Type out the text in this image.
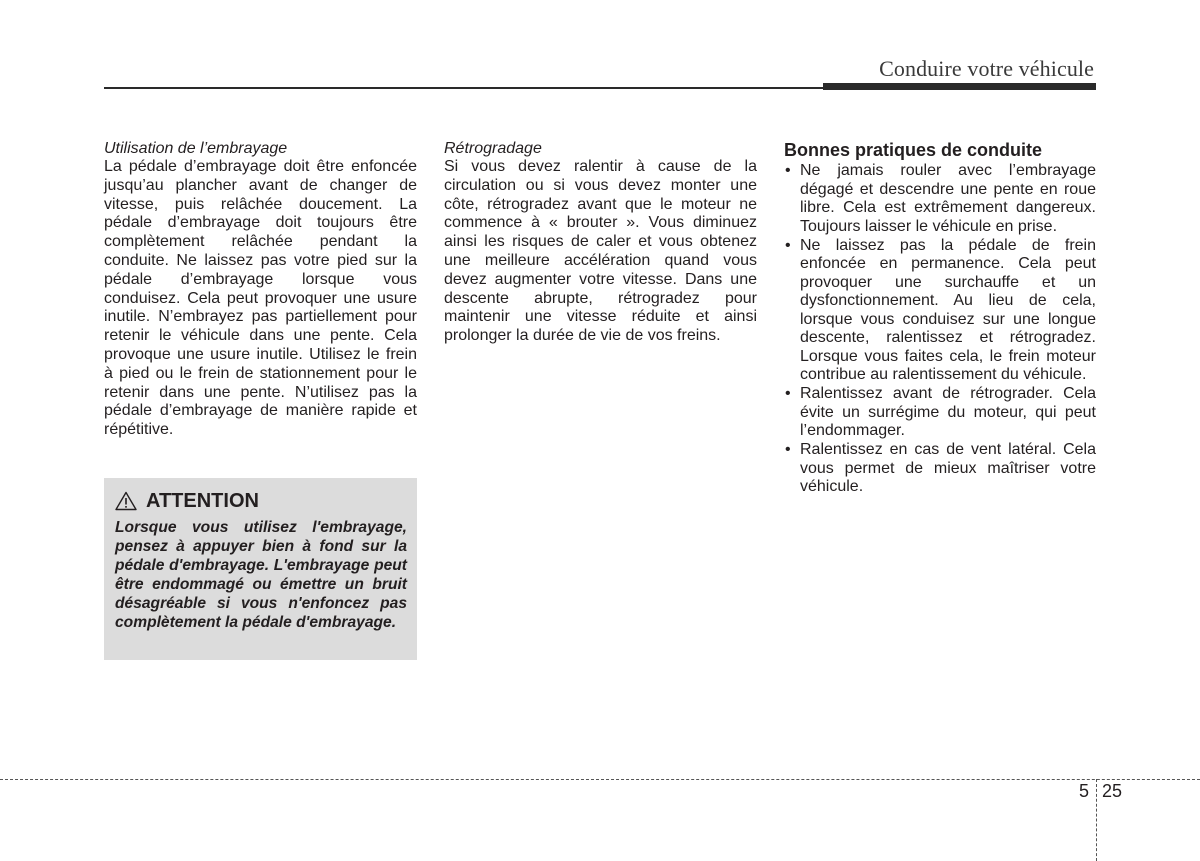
Conduire votre véhicule

Utilisation de l’embrayage

La pédale d’embrayage doit être enfoncée jusqu’au plancher avant de changer de vitesse, puis relâchée doucement. La pédale d’embrayage doit toujours être complètement relâchée pendant la conduite. Ne laissez pas votre pied sur la pédale d’embrayage lorsque vous conduisez. Cela peut provoquer une usure inutile. N’embrayez pas partiellement pour retenir le véhicule dans une pente. Cela provoque une usure inutile. Utilisez le frein à pied ou le frein de stationnement pour le retenir dans une pente. N’utilisez pas la pédale d’embrayage de manière rapide et répétitive.

ATTENTION

Lorsque vous utilisez l'embrayage, pensez à appuyer bien à fond sur la pédale d'embrayage. L'embrayage peut être endommagé ou émettre un bruit désagréable si vous n'enfoncez pas complètement la pédale d'embrayage.

Rétrogradage

Si vous devez ralentir à cause de la circulation ou si vous devez monter une côte, rétrogradez avant que le moteur ne commence à « brouter ». Vous diminuez ainsi les risques de caler et vous obtenez une meilleure accélération quand vous devez augmenter votre vitesse. Dans une descente abrupte, rétrogradez pour maintenir une vitesse réduite et ainsi prolonger la durée de vie de vos freins.

Bonnes pratiques de conduite

• Ne jamais rouler avec l’embrayage dégagé et descendre une pente en roue libre. Cela est extrêmement dangereux. Toujours laisser le véhicule en prise.
• Ne laissez pas la pédale de frein enfoncée en permanence. Cela peut provoquer une surchauffe et un dysfonctionnement. Au lieu de cela, lorsque vous conduisez sur une longue descente, ralentissez et rétrogradez. Lorsque vous faites cela, le frein moteur contribue au ralentissement du véhicule.
• Ralentissez avant de rétrograder. Cela évite un surrégime du moteur, qui peut l’endommager.
• Ralentissez en cas de vent latéral. Cela vous permet de mieux maîtriser votre véhicule.
5 25
